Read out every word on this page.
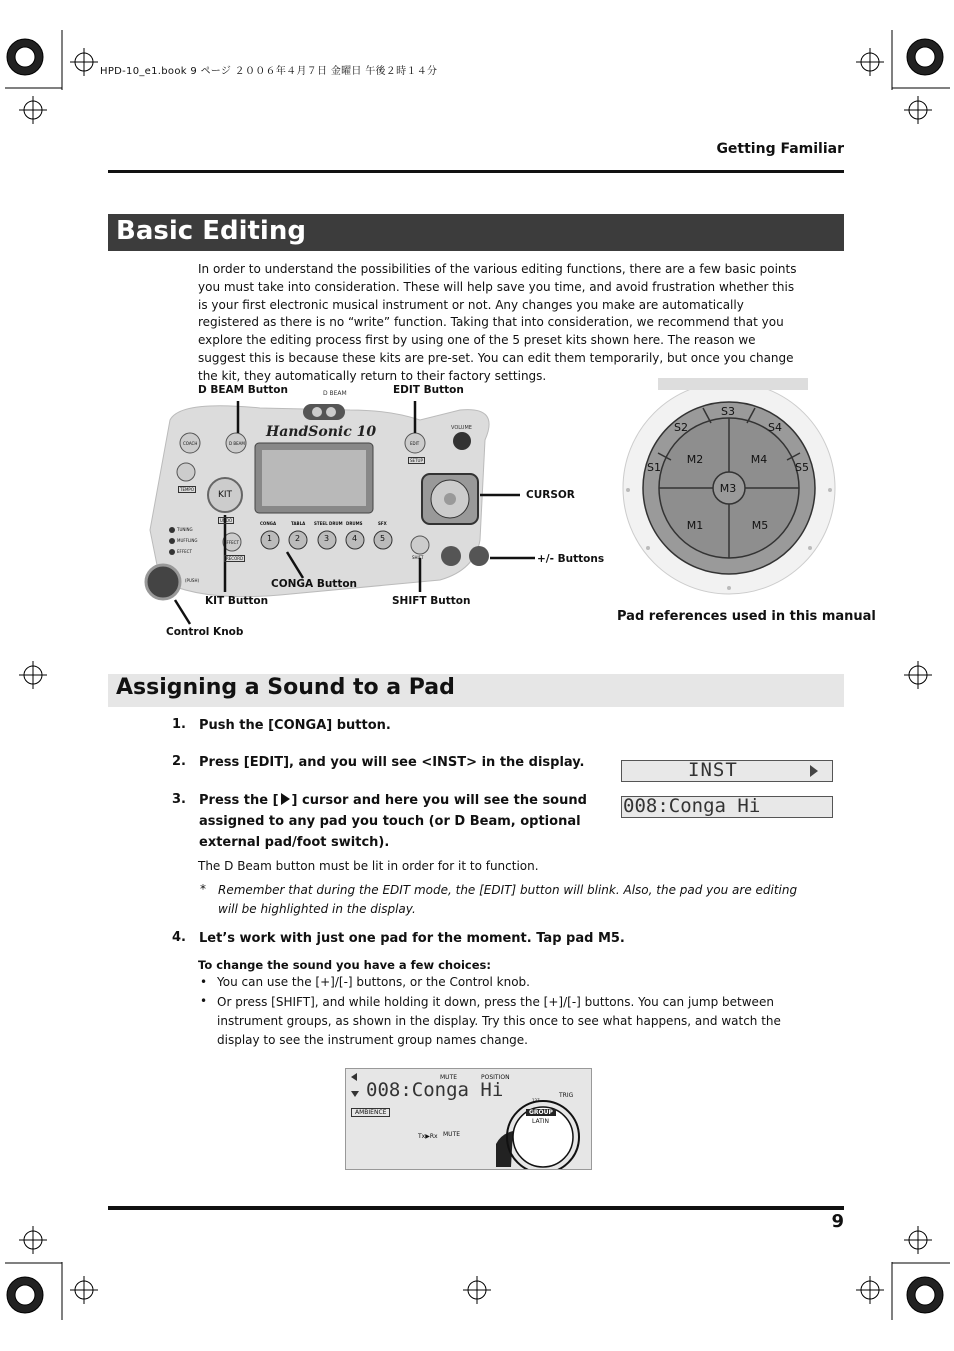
HPD-10_e1.book 9 ページ ２００６年４月７日 金曜日 午後２時１４分
Getting Familiar
Basic Editing
In order to understand the possibilities of the various editing functions, there are a few basic points you must take into consideration. These will help save you time, and avoid frustration whether this is your first electronic musical instrument or not. Any changes you make are automatically registered as there is no “write” function. Taking that into consideration, we recommend that you explore the editing process first by using one of the 5 preset kits shown here. The reason we suggest this is because these kits are pre-set. You can edit them temporarily, but once you change the kit, they automatically return to their factory settings.
D BEAM
HandSonic 10	VOLUME
COACH	D BEAM	EDIT
SETUP
TEMPO
KIT
UNDO
EFFECT
RECORD
TUNING
MUFFLING
EFFECT
(PUSH)
CONGA	TABLA STEEL DRUM DRUMS	SFX
1	2	3	4	5
SHIFT
D BEAM Button	EDIT Button
CURSOR
+/- Buttons
CONGA Button
KIT Button	SHIFT Button
Control Knob
S3
S2	S4
S1
M2	M4
S5
M3
M1	M5
Pad references used in this manual
Assigning a Sound to a Pad
1. Push the [CONGA] button.
2. Press [EDIT], and you will see <INST> in the display.
3. Press the [ ] cursor and here you will see the sound assigned to any pad you touch (or D Beam, optional external pad/foot switch).
INST
008:Conga Hi
The D Beam button must be lit in order for it to function.
* Remember that during the EDIT mode, the [EDIT] button will blink. Also, the pad you are editing will be highlighted in the display.
4. Let’s work with just one pad for the moment. Tap pad M5.
To change the sound you have a few choices:
• You can use the [+]/[-] buttons, or the Control knob.
• Or press [SHIFT], and while holding it down, press the [+]/[-] buttons. You can jump between instrument groups, as shown in the display. Try this once to see what happens, and watch the display to see the instrument group names change.
MUTE	POSITION
008:Conga Hi
AMBIENCE
Tx▶Rx MUTE
TRIG
127
GROUP
LATIN
9
